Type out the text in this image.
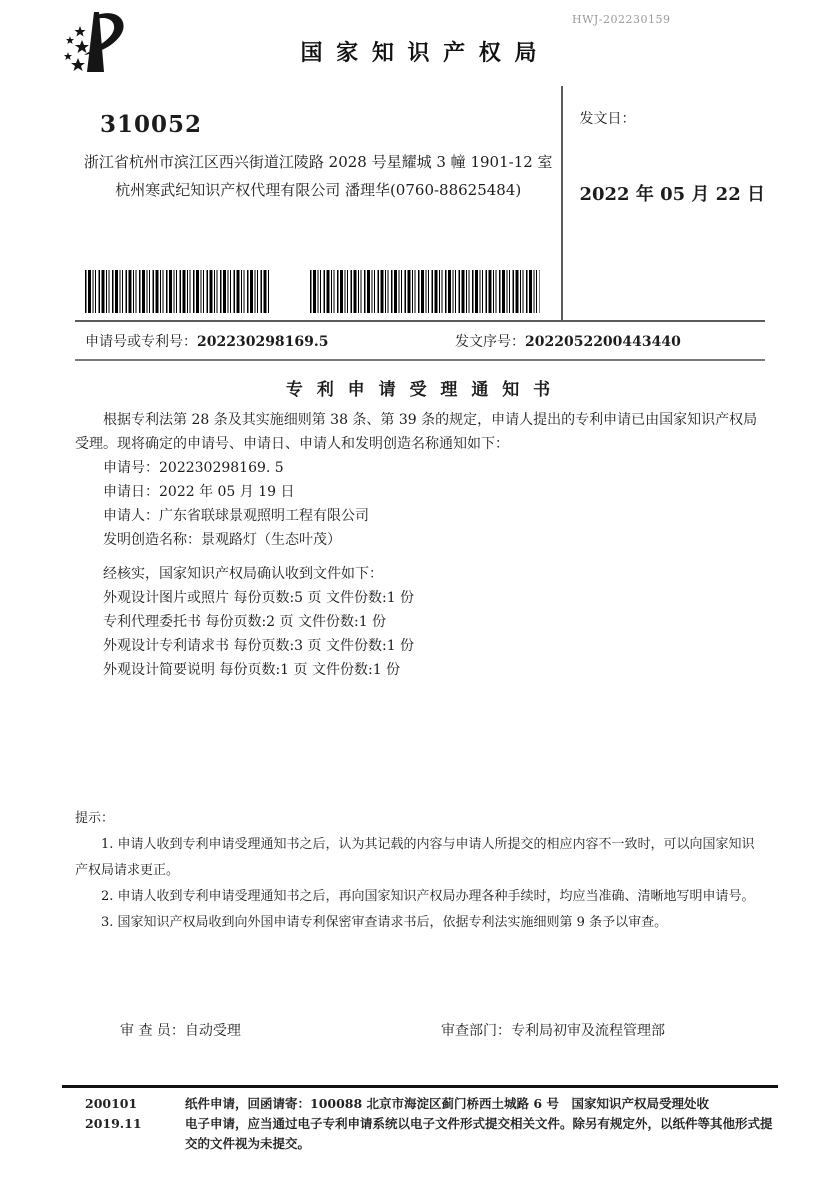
HWJ-202230159
国 家 知 识 产 权 局
310052
浙江省杭州市滨江区西兴街道江陵路 2028 号星耀城 3 幢 1901-12 室
杭州寒武纪知识产权代理有限公司 潘理华(0760-88625484)
发文日：
2022 年 05 月 22 日
申请号或专利号：202230298169.5	发文序号：2022052200443440
专 利 申 请 受 理 通 知 书

根据专利法第 28 条及其实施细则第 38 条、第 39 条的规定，申请人提出的专利申请已由国家知识产权局受理。现将确定的申请号、申请日、申请人和发明创造名称通知如下：

申请号：202230298169. 5
申请日：2022 年 05 月 19 日
申请人：广东省联球景观照明工程有限公司
发明创造名称：景观路灯（生态叶茂）
经核实，国家知识产权局确认收到文件如下：
外观设计图片或照片 每份页数:5 页 文件份数:1 份
专利代理委托书 每份页数:2 页 文件份数:1 份
外观设计专利请求书 每份页数:3 页 文件份数:1 份
外观设计简要说明 每份页数:1 页 文件份数:1 份
提示：

1. 申请人收到专利申请受理通知书之后，认为其记载的内容与申请人所提交的相应内容不一致时，可以向国家知识产权局请求更正。

2. 申请人收到专利申请受理通知书之后，再向国家知识产权局办理各种手续时，均应当准确、清晰地写明申请号。

3. 国家知识产权局收到向外国申请专利保密审查请求书后，依据专利法实施细则第 9 条予以审查。

审 查 员：自动受理	审查部门：专利局初审及流程管理部
200101	纸件申请，回函请寄：100088 北京市海淀区蓟门桥西土城路 6 号　国家知识产权局受理处收
2019.11	电子申请，应当通过电子专利申请系统以电子文件形式提交相关文件。除另有规定外，以纸件等其他形式提交的文件视为未提交。
